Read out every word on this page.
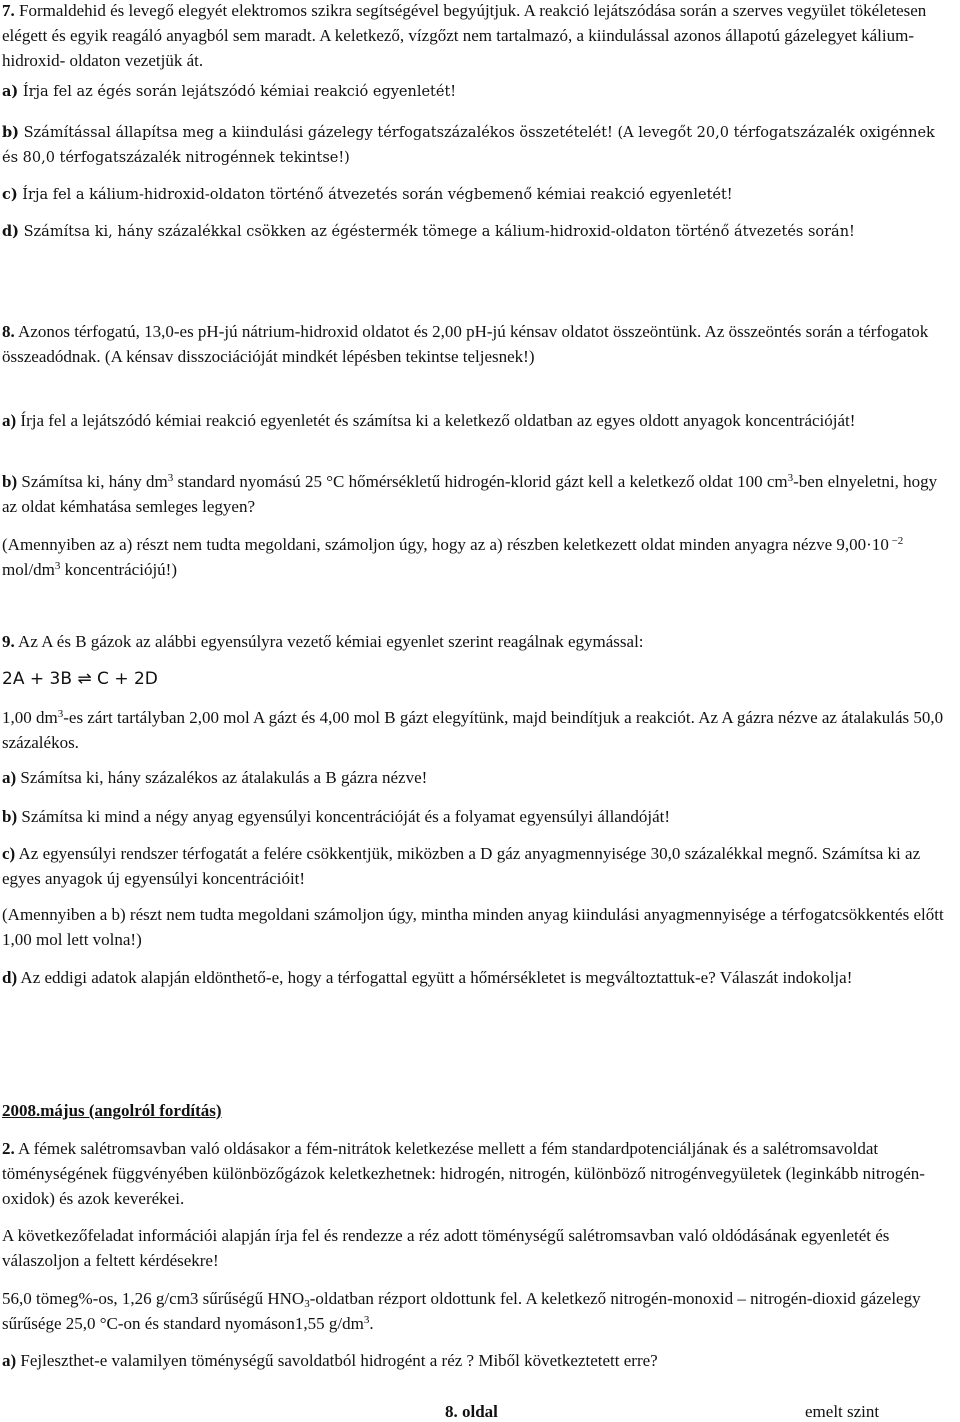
7. Formaldehid és levegő elegyét elektromos szikra segítségével begyújtjuk. A reakció lejátszódása során a szerves vegyület tökéletesen elégett és egyik reagáló anyagból sem maradt. A keletkező, vízgőzt nem tartalmazó, a kiindulással azonos állapotú gázelegyet kálium-hidroxid- oldaton vezetjük át.

a) Írja fel az égés során lejátszódó kémiai reakció egyenletét!

b) Számítással állapítsa meg a kiindulási gázelegy térfogatszázalékos összetételét! (A levegőt 20,0 térfogatszázalék oxigénnek és 80,0 térfogatszázalék nitrogénnek tekintse!)

c) Írja fel a kálium-hidroxid-oldaton történő átvezetés során végbemenő kémiai reakció egyenletét!

d) Számítsa ki, hány százalékkal csökken az égéstermék tömege a kálium-hidroxid-oldaton történő átvezetés során!

8. Azonos térfogatú, 13,0-es pH-jú nátrium-hidroxid oldatot és 2,00 pH-jú kénsav oldatot összeöntünk. Az összeöntés során a térfogatok összeadódnak. (A kénsav disszociációját mindkét lépésben tekintse teljesnek!)

a) Írja fel a lejátszódó kémiai reakció egyenletét és számítsa ki a keletkező oldatban az egyes oldott anyagok koncentrációját!

b) Számítsa ki, hány $dm^3$ standard nyomású 25 °C hőmérsékletű hidrogén-klorid gázt kell a keletkező oldat 100 $cm^3$-ben elnyeletni, hogy az oldat kémhatása semleges legyen?

(Amennyiben az a) részt nem tudta megoldani, számoljon úgy, hogy az a) részben keletkezett oldat minden anyagra nézve 9,00·10 $^{-2}$ mol/$dm^3$ koncentrációjú!)

9. Az A és B gázok az alábbi egyensúlyra vezető kémiai egyenlet szerint reagálnak egymással:

2A + 3B ⇌ C + 2D

1,00 $dm^3-es$ zárt tartályban 2,00 mol A gázt és 4,00 mol B gázt elegyítünk, majd beindítjuk a reakciót. Az A gázra nézve az átalakulás 50,0 százalékos.

a) Számítsa ki, hány százalékos az átalakulás a B gázra nézve!

b) Számítsa ki mind a négy anyag egyensúlyi koncentrációját és a folyamat egyensúlyi állandóját!

c) Az egyensúlyi rendszer térfogatát a felére csökkentjük, miközben a D gáz anyagmennyisége 30,0 százalékkal megnő. Számítsa ki az egyes anyagok új egyensúlyi koncentrációit!

(Amennyiben a b) részt nem tudta megoldani számoljon úgy, mintha minden anyag kiindulási anyagmennyisége a térfogatcsökkentés előtt 1,00 mol lett volna!)

d) Az eddigi adatok alapján eldönthető-e, hogy a térfogattal együtt a hőmérsékletet is megváltoztattuk-e? Válaszát indokolja!

2008.május (angolról fordítás)

2. A fémek salétromsavban való oldásakor a fém-nitrátok keletkezése mellett a fém standardpotenciáljának és a salétromsavoldat töménységének függvényében különbözőgázok keletkezhetnek: hidrogén, nitrogén, különböző nitrogénvegyületek (leginkább nitrogén-oxidok) és azok keverékei.

A következőfeladat információi alapján írja fel és rendezze a réz adott töménységű salétromsavban való oldódásának egyenletét és válaszoljon a feltett kérdésekre!

56,0 tömeg%-os, 1,26 g/cm3 sűrűségű $HNO_3$-oldatban rézport oldottunk fel. A keletkező nitrogén-monoxid – nitrogén-dioxid gázelegy sűrűsége 25,0 °C-on és standard nyomáson1,55 $g/dm^3$.

a) Fejleszthet-e valamilyen töménységű savoldatból hidrogént a réz ? Miből következtetett erre?

8. oldal	emelt szint
